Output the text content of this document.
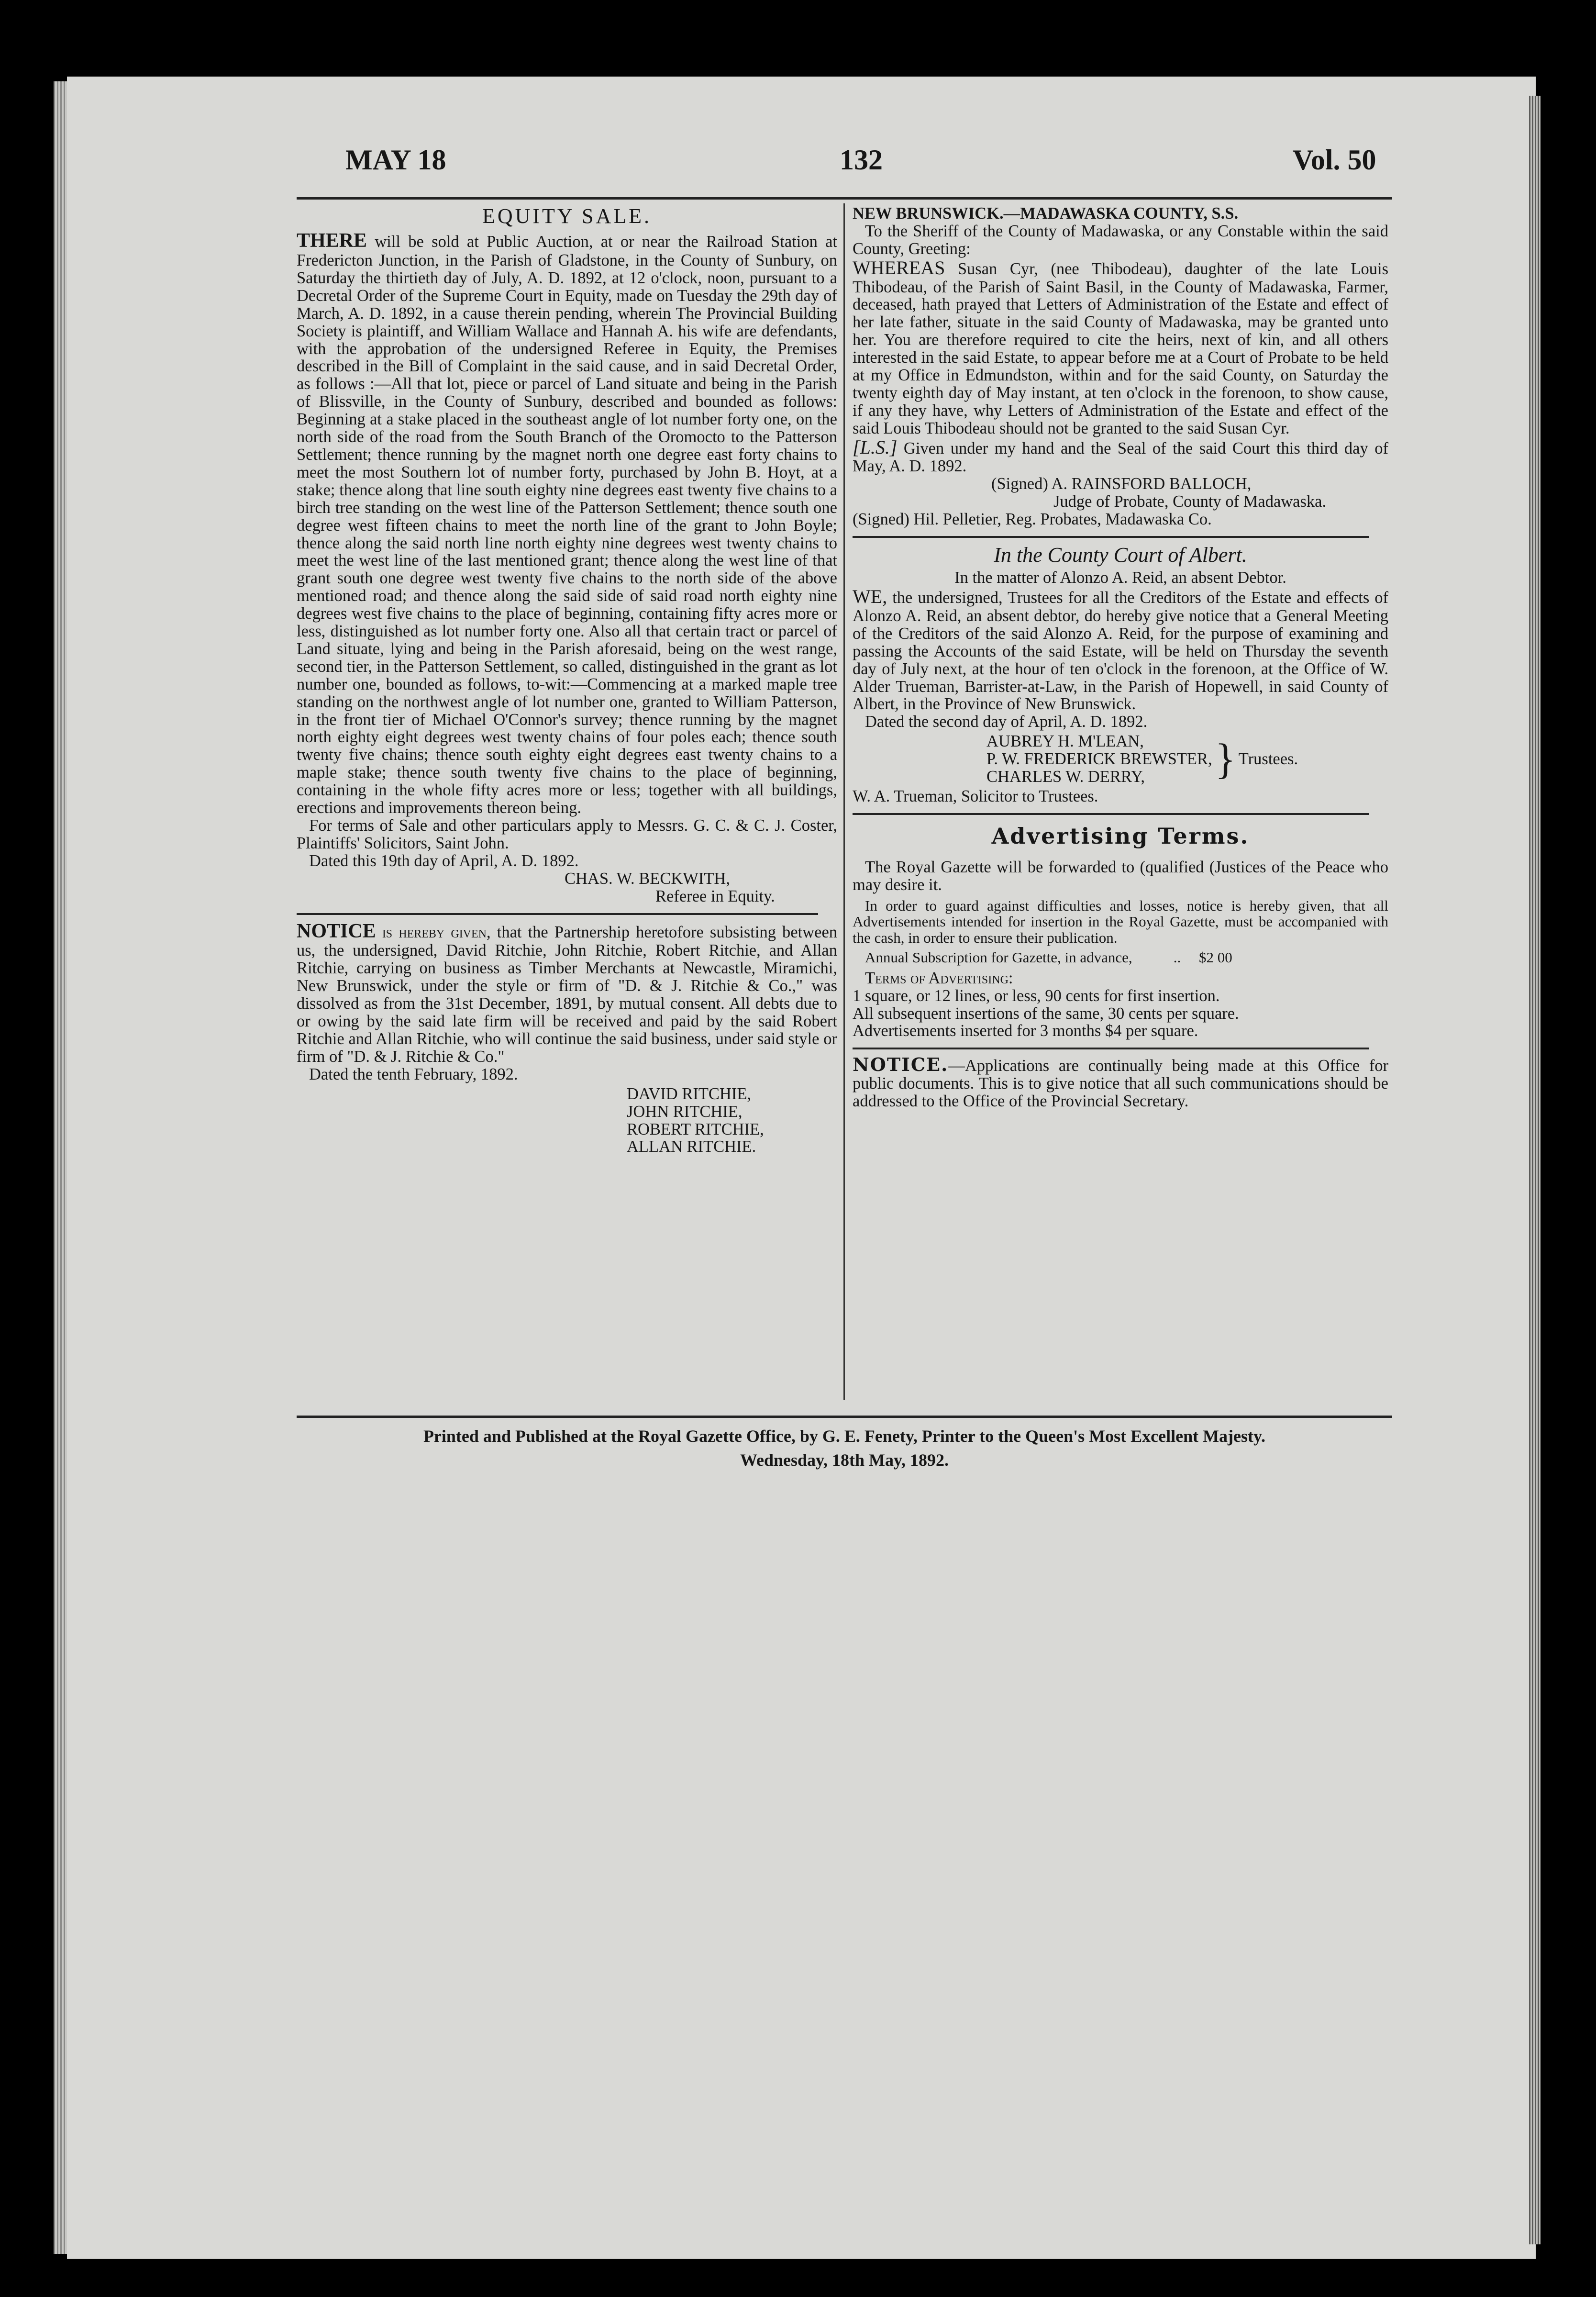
MAY 18	132	Vol. 50

EQUITY SALE.

THERE will be sold at Public Auction, at or near the Railroad Station at Fredericton Junction, in the Parish of Gladstone, in the County of Sunbury, on Saturday the thirtieth day of July, A. D. 1892, at 12 o'clock, noon, pursuant to a Decretal Order of the Supreme Court in Equity, made on Tuesday the 29th day of March, A. D. 1892, in a cause therein pending, wherein The Provincial Building Society is plaintiff, and William Wallace and Hannah A. his wife are defendants, with the approbation of the undersigned Referee in Equity, the Premises described in the Bill of Complaint in the said cause, and in said Decretal Order, as follows :—All that lot, piece or parcel of Land situate and being in the Parish of Blissville, in the County of Sunbury, described and bounded as follows: Beginning at a stake placed in the southeast angle of lot number forty one, on the north side of the road from the South Branch of the Oromocto to the Patterson Settlement; thence running by the magnet north one degree east forty chains to meet the most Southern lot of number forty, purchased by John B. Hoyt, at a stake; thence along that line south eighty nine degrees east twenty five chains to a birch tree standing on the west line of the Patterson Settlement; thence south one degree west fifteen chains to meet the north line of the grant to John Boyle; thence along the said north line north eighty nine degrees west twenty chains to meet the west line of the last mentioned grant; thence along the west line of that grant south one degree west twenty five chains to the north side of the above mentioned road; and thence along the said side of said road north eighty nine degrees west five chains to the place of beginning, containing fifty acres more or less, distinguished as lot number forty one. Also all that certain tract or parcel of Land situate, lying and being in the Parish aforesaid, being on the west range, second tier, in the Patterson Settlement, so called, distinguished in the grant as lot number one, bounded as follows, to-wit:—Commencing at a marked maple tree standing on the northwest angle of lot number one, granted to William Patterson, in the front tier of Michael O'Connor's survey; thence running by the magnet north eighty eight degrees west twenty chains of four poles each; thence south twenty five chains; thence south eighty eight degrees east twenty chains to a maple stake; thence south twenty five chains to the place of beginning, containing in the whole fifty acres more or less; together with all buildings, erections and improvements thereon being.

For terms of Sale and other particulars apply to Messrs. G. C. & C. J. Coster, Plaintiffs' Solicitors, Saint John.

Dated this 19th day of April, A. D. 1892.

CHAS. W. BECKWITH,

Referee in Equity.

NOTICE is hereby given, that the Partnership heretofore subsisting between us, the undersigned, David Ritchie, John Ritchie, Robert Ritchie, and Allan Ritchie, carrying on business as Timber Merchants at Newcastle, Miramichi, New Brunswick, under the style or firm of "D. & J. Ritchie & Co.," was dissolved as from the 31st December, 1891, by mutual consent. All debts due to or owing by the said late firm will be received and paid by the said Robert Ritchie and Allan Ritchie, who will continue the said business, under said style or firm of "D. & J. Ritchie & Co."

Dated the tenth February, 1892.

DAVID RITCHIE,

JOHN RITCHIE,

ROBERT RITCHIE,

ALLAN RITCHIE.

NEW BRUNSWICK.—MADAWASKA COUNTY, S.S.

To the Sheriff of the County of Madawaska, or any Constable within the said County, Greeting:

WHEREAS Susan Cyr, (nee Thibodeau), daughter of the late Louis Thibodeau, of the Parish of Saint Basil, in the County of Madawaska, Farmer, deceased, hath prayed that Letters of Administration of the Estate and effect of her late father, situate in the said County of Madawaska, may be granted unto her. You are therefore required to cite the heirs, next of kin, and all others interested in the said Estate, to appear before me at a Court of Probate to be held at my Office in Edmundston, within and for the said County, on Saturday the twenty eighth day of May instant, at ten o'clock in the forenoon, to show cause, if any they have, why Letters of Administration of the Estate and effect of the said Louis Thibodeau should not be granted to the said Susan Cyr.

[L.S.] Given under my hand and the Seal of the said Court this third day of May, A. D. 1892.

(Signed) A. RAINSFORD BALLOCH,

Judge of Probate, County of Madawaska.

(Signed) Hil. Pelletier, Reg. Probates, Madawaska Co.

In the County Court of Albert.

In the matter of Alonzo A. Reid, an absent Debtor.

WE, the undersigned, Trustees for all the Creditors of the Estate and effects of Alonzo A. Reid, an absent debtor, do hereby give notice that a General Meeting of the Creditors of the said Alonzo A. Reid, for the purpose of examining and passing the Accounts of the said Estate, will be held on Thursday the seventh day of July next, at the hour of ten o'clock in the forenoon, at the Office of W. Alder Trueman, Barrister-at-Law, in the Parish of Hopewell, in said County of Albert, in the Province of New Brunswick.

Dated the second day of April, A. D. 1892.

AUBREY H. M'LEAN,

P. W. FREDERICK BREWSTER,

CHARLES W. DERRY,	} Trustees.

W. A. Trueman, Solicitor to Trustees.

Advertising Terms.

The Royal Gazette will be forwarded to (qualified (Justices of the Peace who may desire it.

In order to guard against difficulties and losses, notice is hereby given, that all Advertisements intended for insertion in the Royal Gazette, must be accompanied with the cash, in order to ensure their publication.

Annual Subscription for Gazette, in advance,	.. $2 00

Terms of Advertising:

1 square, or 12 lines, or less, 90 cents for first insertion.

All subsequent insertions of the same, 30 cents per square.

Advertisements inserted for 3 months $4 per square.

NOTICE.—Applications are continually being made at this Office for public documents. This is to give notice that all such communications should be addressed to the Office of the Provincial Secretary.

Printed and Published at the Royal Gazette Office, by G. E. Fenety, Printer to the Queen's Most Excellent Majesty.

Wednesday, 18th May, 1892.
